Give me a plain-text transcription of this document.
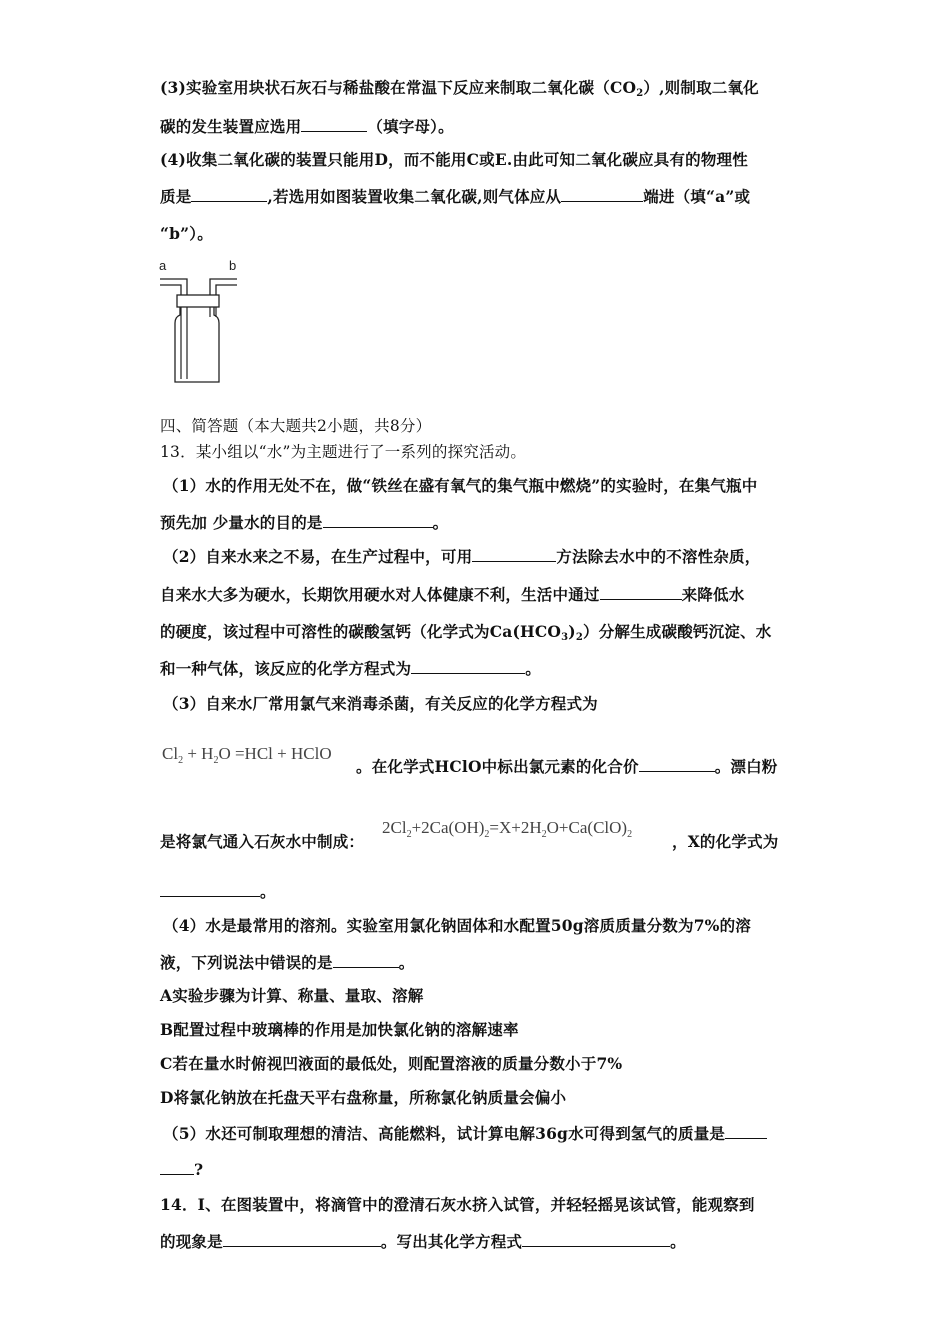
(3)实验室用块状石灰石与稀盐酸在常温下反应来制取二氧化碳（CO2）,则制取二氧化
碳的发生装置应选用	（填字母）。
(4)收集二氧化碳的装置只能用D，而不能用C或E.由此可知二氧化碳应具有的物理性
质是	,若选用如图装置收集二氧化碳,则气体应从	端进（填“a”或
“b”）。
a	b
四、简答题（本大题共2小题，共8分）
13．某小组以“水”为主题进行了一系列的探究活动。
（1）水的作用无处不在，做“铁丝在盛有氧气的集气瓶中燃烧”的实验时，在集气瓶中
预先加 少量水的目的是	。
（2）自来水来之不易，在生产过程中，可用	方法除去水中的不溶性杂质，
自来水大多为硬水，长期饮用硬水对人体健康不利，生活中通过	来降低水
的硬度，该过程中可溶性的碳酸氢钙（化学式为Ca(HCO3)2）分解生成碳酸钙沉淀、水
和一种气体，该反应的化学方程式为	。
（3）自来水厂常用氯气来消毒杀菌，有关反应的化学方程式为
$Cl_2 + H_2O =HCl$ + HClO
。在化学式HClO中标出氯元素的化合价	。漂白粉
是将氯气通入石灰水中制成：
$2Cl_2+2Ca(OH)_2=X+2H_2O+Ca(ClO)_2$	，X的化学式为
。
（4）水是最常用的溶剂。实验室用氯化钠固体和水配置50g溶质质量分数为7%的溶
液，下列说法中错误的是	。
A实验步骤为计算、称量、量取、溶解
B配置过程中玻璃棒的作用是加快氯化钠的溶解速率
C若在量水时俯视凹液面的最低处，则配置溶液的质量分数小于7%
D将氯化钠放在托盘天平右盘称量，所称氯化钠质量会偏小
（5）水还可制取理想的清洁、高能燃料，试计算电解36g水可得到氢气的质量是
?
14．Ⅰ、在图装置中，将滴管中的澄清石灰水挤入试管，并轻轻摇晃该试管，能观察到
的现象是	。写出其化学方程式	。
